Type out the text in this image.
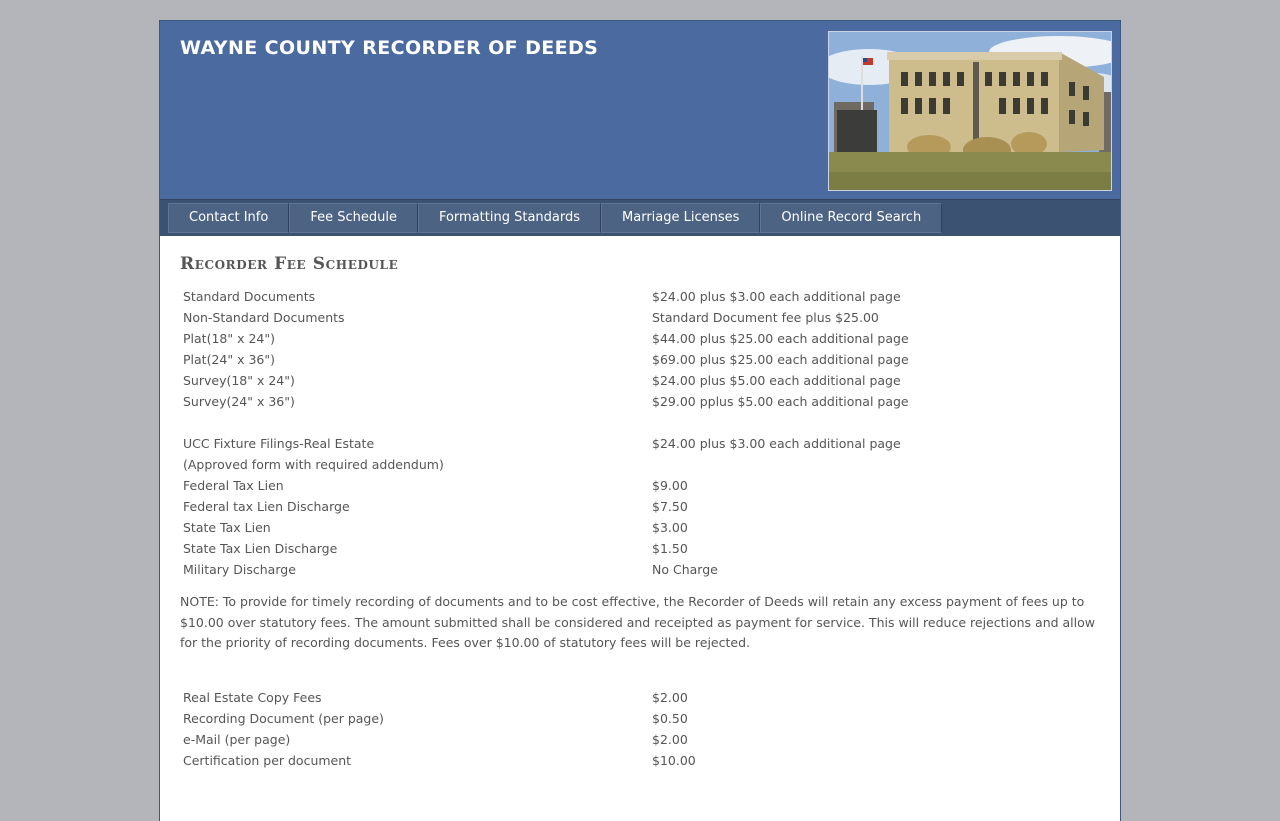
WAYNE COUNTY RECORDER OF DEEDS
Contact Info	Fee Schedule	Formatting Standards	Marriage Licenses	Online Record Search
Recorder Fee Schedule
Standard Documents	$24.00 plus $3.00 each additional page
Non-Standard Documents	Standard Document fee plus $25.00
Plat(18" x 24")	$44.00 plus $25.00 each additional page
Plat(24" x 36")	$69.00 plus $25.00 each additional page
Survey(18" x 24")	$24.00 plus $5.00 each additional page
Survey(24" x 36")	$29.00 pplus $5.00 each additional page

UCC Fixture Filings-Real Estate	$24.00 plus $3.00 each additional page
(Approved form with required addendum)	
Federal Tax Lien	$9.00
Federal tax Lien Discharge	$7.50
State Tax Lien	$3.00
State Tax Lien Discharge	$1.50
Military Discharge	No Charge

NOTE: To provide for timely recording of documents and to be cost effective, the Recorder of Deeds will retain any excess payment of fees up to $10.00 over statutory fees. The amount submitted shall be considered and receipted as payment for service. This will reduce rejections and allow for the priority of recording documents. Fees over $10.00 of statutory fees will be rejected.

Real Estate Copy Fees	$2.00
Recording Document (per page)	$0.50
e-Mail (per page)	$2.00
Certification per document	$10.00
